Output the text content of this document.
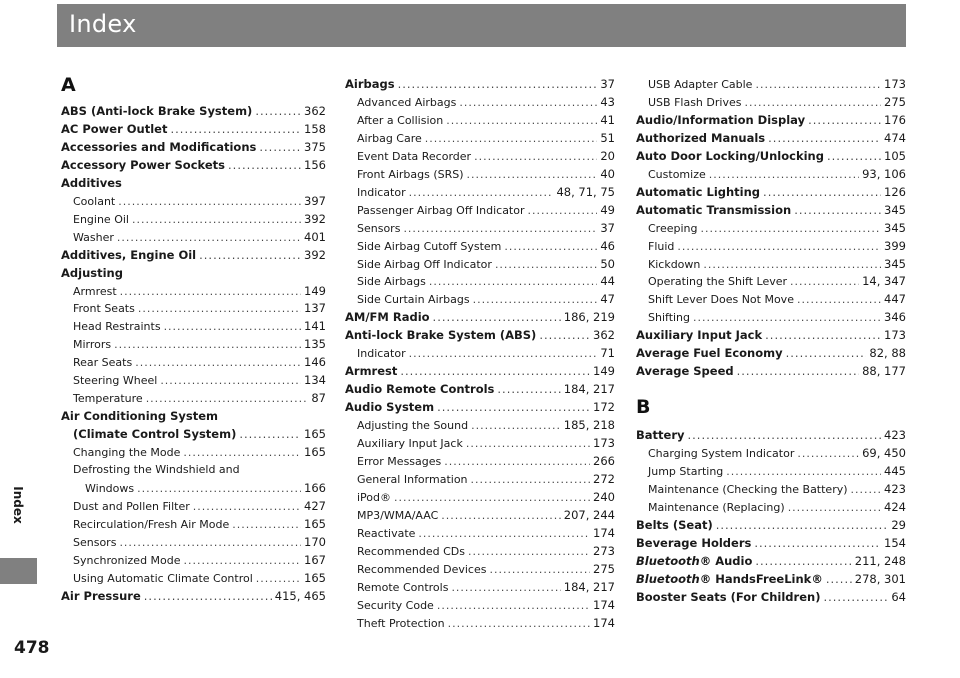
Index
Index
478
A
ABS (Anti-lock Brake System) .....	362
AC Power Outlet .....	158
Accessories and Modifications .....	375
Accessory Power Sockets .....	156
Additives
Coolant .....	397
Engine Oil .....	392
Washer .....	401
Additives, Engine Oil .....	392
Adjusting
Armrest .....	149
Front Seats .....	137
Head Restraints .....	141
Mirrors .....	135
Rear Seats .....	146
Steering Wheel .....	134
Temperature .....	87
Air Conditioning System
(Climate Control System) .....	165
Changing the Mode .....	165
Defrosting the Windshield and
Windows .....	166
Dust and Pollen Filter .....	427
Recirculation/Fresh Air Mode .....	165
Sensors .....	170
Synchronized Mode .....	167
Using Automatic Climate Control .....	165
Air Pressure .....	415, 465
Airbags .....	37
Advanced Airbags .....	43
After a Collision .....	41
Airbag Care .....	51
Event Data Recorder .....	20
Front Airbags (SRS) .....	40
Indicator .....	48, 71, 75
Passenger Airbag Off Indicator .....	49
Sensors .....	37
Side Airbag Cutoff System .....	46
Side Airbag Off Indicator .....	50
Side Airbags .....	44
Side Curtain Airbags .....	47
AM/FM Radio .....	186, 219
Anti-lock Brake System (ABS) .....	362
Indicator .....	71
Armrest .....	149
Audio Remote Controls .....	184, 217
Audio System .....	172
Adjusting the Sound .....	185, 218
Auxiliary Input Jack .....	173
Error Messages .....	266
General Information .....	272
iPod® .....	240
MP3/WMA/AAC .....	207, 244
Reactivate .....	174
Recommended CDs .....	273
Recommended Devices .....	275
Remote Controls .....	184, 217
Security Code .....	174
Theft Protection .....	174
USB Adapter Cable .....	173
USB Flash Drives .....	275
Audio/Information Display .....	176
Authorized Manuals .....	474
Auto Door Locking/Unlocking .....	105
Customize .....	93, 106
Automatic Lighting .....	126
Automatic Transmission .....	345
Creeping .....	345
Fluid .....	399
Kickdown .....	345
Operating the Shift Lever .....	14, 347
Shift Lever Does Not Move .....	447
Shifting .....	346
Auxiliary Input Jack .....	173
Average Fuel Economy .....	82, 88
Average Speed .....	88, 177
B
Battery .....	423
Charging System Indicator .....	69, 450
Jump Starting .....	445
Maintenance (Checking the Battery) .....	423
Maintenance (Replacing) .....	424
Belts (Seat) .....	29
Beverage Holders .....	154
Bluetooth® Audio .....	211, 248
Bluetooth® HandsFreeLink® .....	278, 301
Booster Seats (For Children) .....	64
